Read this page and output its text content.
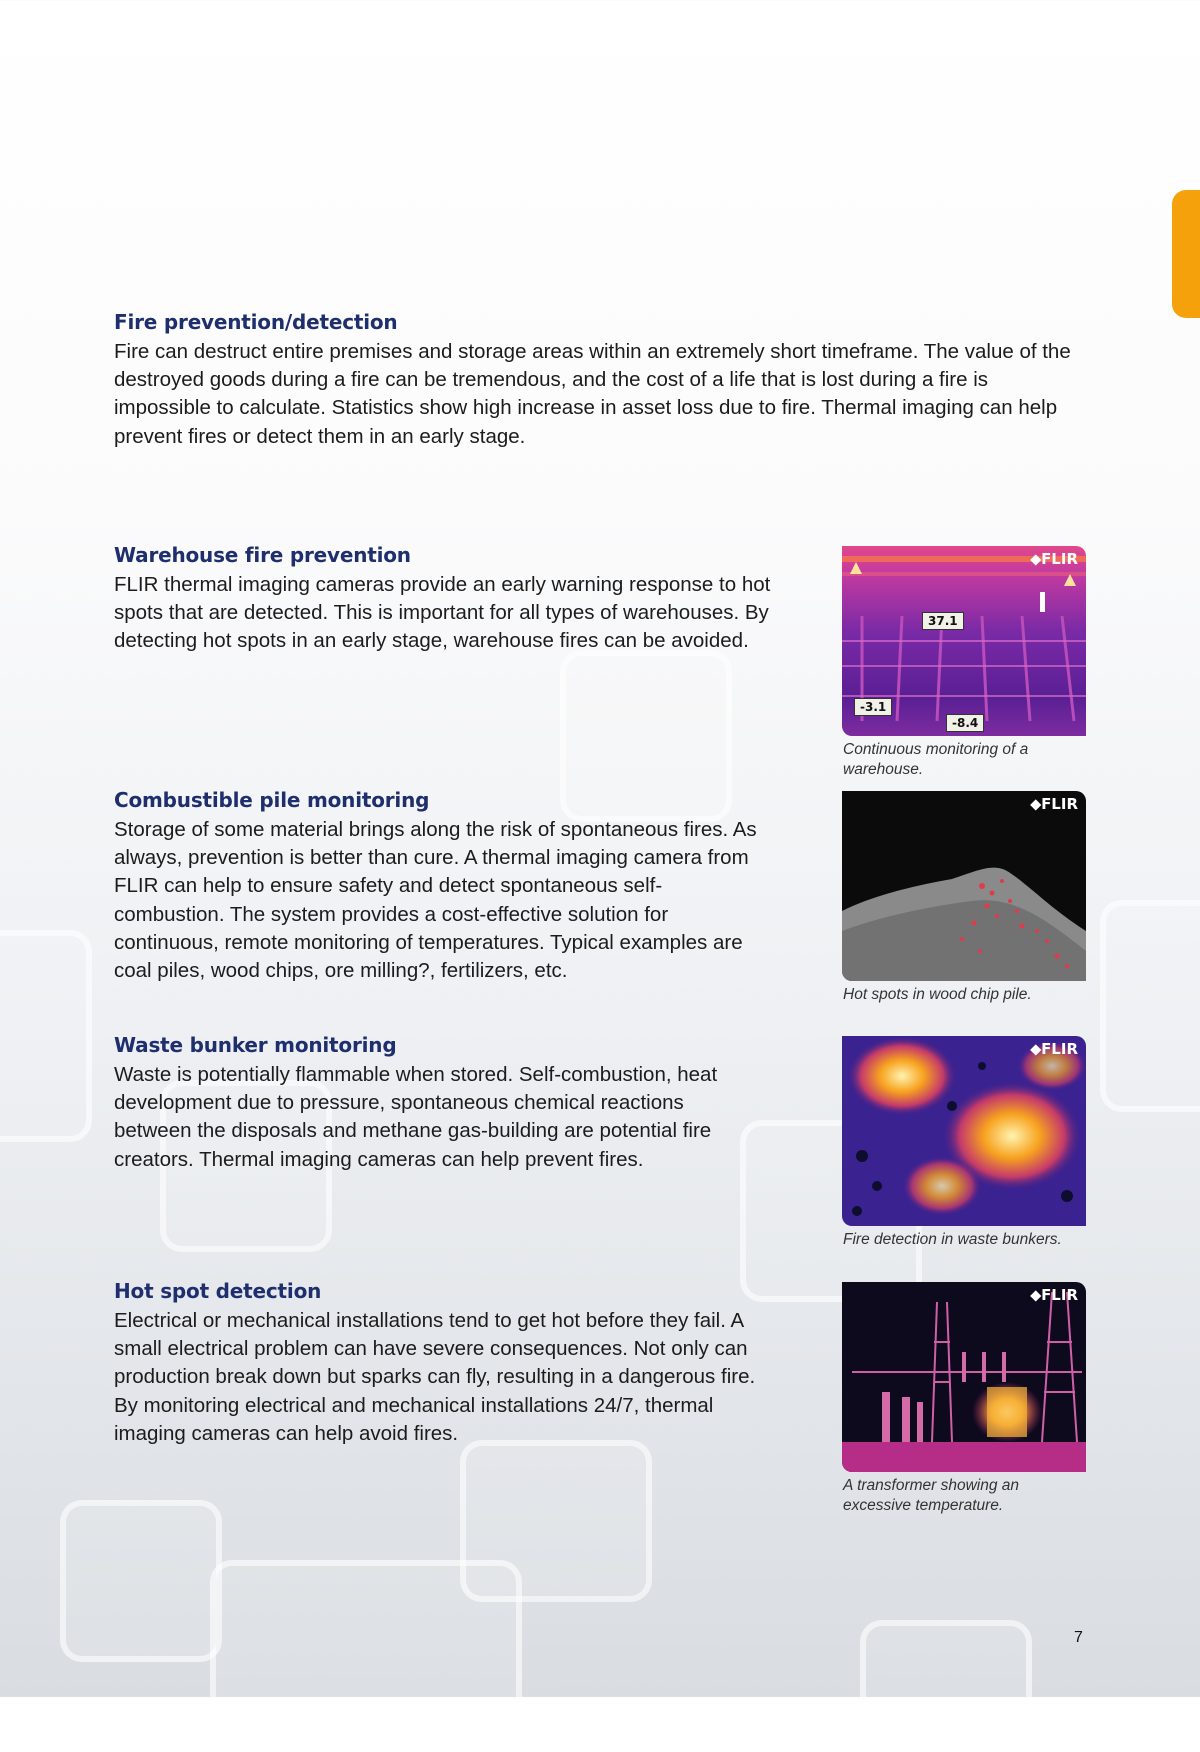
Fire prevention/detection

Fire can destruct entire premises and storage areas within an extremely short timeframe. The value of the destroyed goods during a fire can be tremendous, and the cost of a life that is lost during a fire is impossible to calculate. Statistics show high increase in asset loss due to fire. Thermal imaging can help prevent fires or detect them in an early stage.

Warehouse fire prevention

FLIR thermal imaging cameras provide an early warning response to hot spots that are detected. This is important for all types of warehouses. By detecting hot spots in an early stage, warehouse fires can be avoided.

37.1
-3.1
-8.4
⬥FLIR

Continuous monitoring of a warehouse.

Combustible pile monitoring

Storage of some material brings along the risk of spontaneous fires. As always, prevention is better than cure. A thermal imaging camera from FLIR can help to ensure safety and detect spontaneous self-combustion. The system provides a cost-effective solution for continuous, remote monitoring of temperatures. Typical examples are coal piles, wood chips, ore milling?, fertilizers, etc.

⬥FLIR

Hot spots in wood chip pile.

Waste bunker monitoring

Waste is potentially flammable when stored. Self-combustion, heat development due to pressure, spontaneous chemical reactions between the disposals and methane gas-building are potential fire creators. Thermal imaging cameras can help prevent fires.

⬥FLIR

Fire detection in waste bunkers.

Hot spot detection

Electrical or mechanical installations tend to get hot before they fail. A small electrical problem can have severe consequences. Not only can production break down but sparks can fly, resulting in a dangerous fire. By monitoring electrical and mechanical installations 24/7, thermal imaging cameras can help avoid fires.

⬥FLIR

A transformer showing an excessive temperature.

7
